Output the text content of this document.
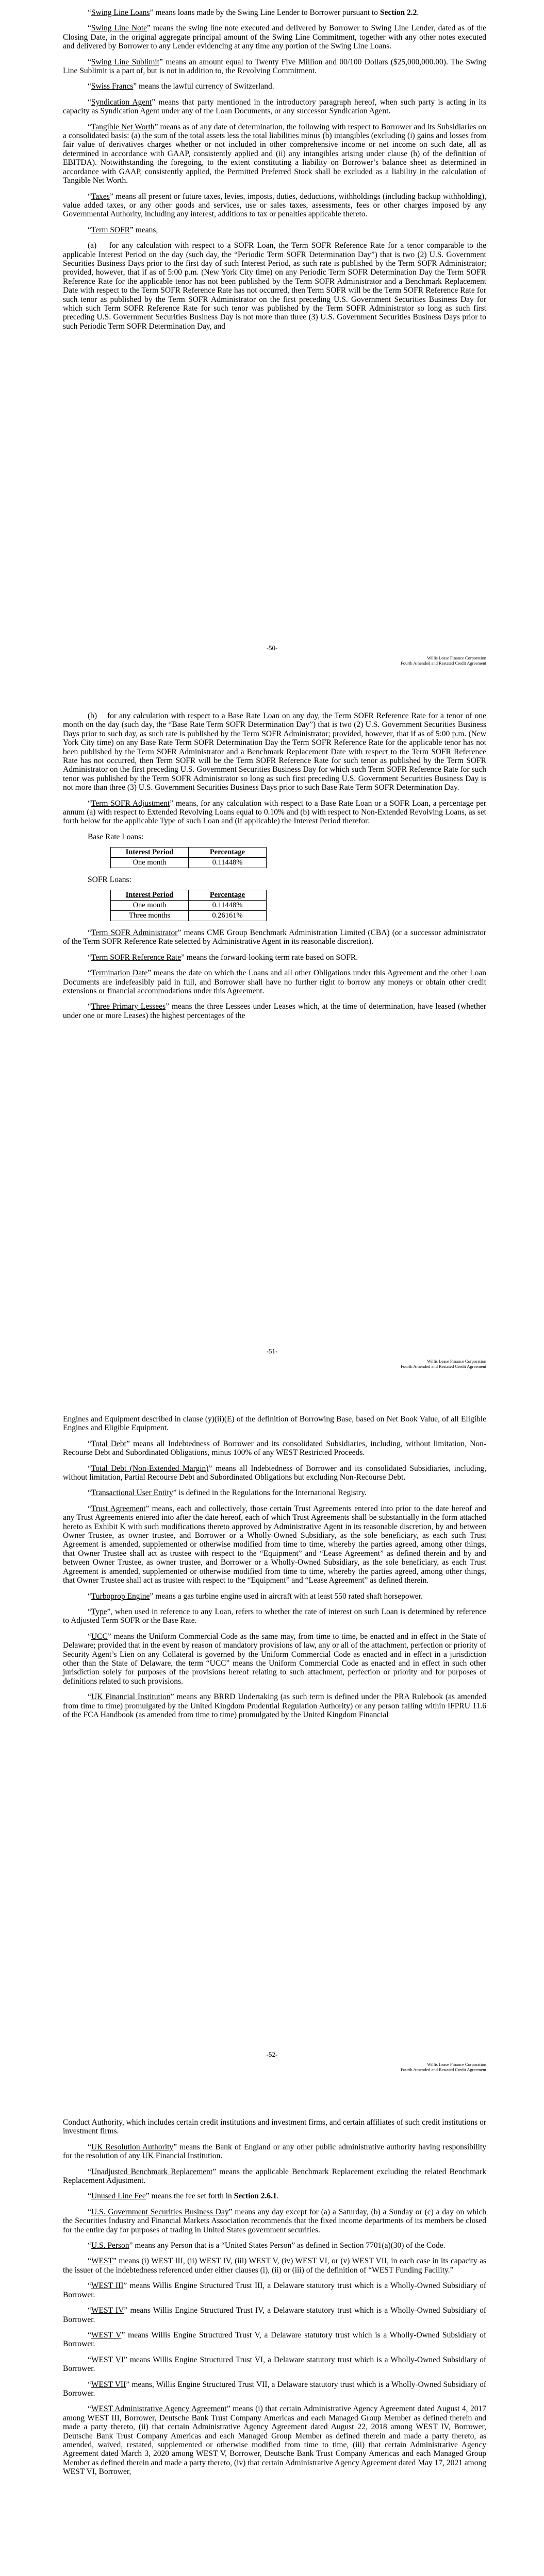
“Swing Line Loans” means loans made by the Swing Line Lender to Borrower pursuant to Section 2.2.

“Swing Line Note” means the swing line note executed and delivered by Borrower to Swing Line Lender, dated as of the Closing Date, in the original aggregate principal amount of the Swing Line Commitment, together with any other notes executed and delivered by Borrower to any Lender evidencing at any time any portion of the Swing Line Loans.

“Swing Line Sublimit” means an amount equal to Twenty Five Million and 00/100 Dollars ($25,000,000.00). The Swing Line Sublimit is a part of, but is not in addition to, the Revolving Commitment.

“Swiss Francs” means the lawful currency of Switzerland.

“Syndication Agent” means that party mentioned in the introductory paragraph hereof, when such party is acting in its capacity as Syndication Agent under any of the Loan Documents, or any successor Syndication Agent.

“Tangible Net Worth” means as of any date of determination, the following with respect to Borrower and its Subsidiaries on a consolidated basis: (a) the sum of the total assets less the total liabilities minus (b) intangibles (excluding (i) gains and losses from fair value of derivatives charges whether or not included in other comprehensive income or net income on such date, all as determined in accordance with GAAP, consistently applied and (ii) any intangibles arising under clause (h) of the definition of EBITDA). Notwithstanding the foregoing, to the extent constituting a liability on Borrower’s balance sheet as determined in accordance with GAAP, consistently applied, the Permitted Preferred Stock shall be excluded as a liability in the calculation of Tangible Net Worth.

“Taxes” means all present or future taxes, levies, imposts, duties, deductions, withholdings (including backup withholding), value added taxes, or any other goods and services, use or sales taxes, assessments, fees or other charges imposed by any Governmental Authority, including any interest, additions to tax or penalties applicable thereto.

“Term SOFR” means,

(a)    for any calculation with respect to a SOFR Loan, the Term SOFR Reference Rate for a tenor comparable to the applicable Interest Period on the day (such day, the “Periodic Term SOFR Determination Day”) that is two (2) U.S. Government Securities Business Days prior to the first day of such Interest Period, as such rate is published by the Term SOFR Administrator; provided, however, that if as of 5:00 p.m. (New York City time) on any Periodic Term SOFR Determination Day the Term SOFR Reference Rate for the applicable tenor has not been published by the Term SOFR Administrator and a Benchmark Replacement Date with respect to the Term SOFR Reference Rate has not occurred, then Term SOFR will be the Term SOFR Reference Rate for such tenor as published by the Term SOFR Administrator on the first preceding U.S. Government Securities Business Day for which such Term SOFR Reference Rate for such tenor was published by the Term SOFR Administrator so long as such first preceding U.S. Government Securities Business Day is not more than three (3) U.S. Government Securities Business Days prior to such Periodic Term SOFR Determination Day, and

-50-
Willis Lease Finance Corporation
Fourth Amended and Restated Credit Agreement

(b)    for any calculation with respect to a Base Rate Loan on any day, the Term SOFR Reference Rate for a tenor of one month on the day (such day, the “Base Rate Term SOFR Determination Day”) that is two (2) U.S. Government Securities Business Days prior to such day, as such rate is published by the Term SOFR Administrator; provided, however, that if as of 5:00 p.m. (New York City time) on any Base Rate Term SOFR Determination Day the Term SOFR Reference Rate for the applicable tenor has not been published by the Term SOFR Administrator and a Benchmark Replacement Date with respect to the Term SOFR Reference Rate has not occurred, then Term SOFR will be the Term SOFR Reference Rate for such tenor as published by the Term SOFR Administrator on the first preceding U.S. Government Securities Business Day for which such Term SOFR Reference Rate for such tenor was published by the Term SOFR Administrator so long as such first preceding U.S. Government Securities Business Day is not more than three (3) U.S. Government Securities Business Days prior to such Base Rate Term SOFR Determination Day.

“Term SOFR Adjustment” means, for any calculation with respect to a Base Rate Loan or a SOFR Loan, a percentage per annum (a) with respect to Extended Revolving Loans equal to 0.10% and (b) with respect to Non-Extended Revolving Loans, as set forth below for the applicable Type of such Loan and (if applicable) the Interest Period therefor:

Base Rate Loans:
Interest Period	Percentage
One month	0.11448%
SOFR Loans:
Interest Period	Percentage
One month	0.11448%
Three months	0.26161%

“Term SOFR Administrator” means CME Group Benchmark Administration Limited (CBA) (or a successor administrator of the Term SOFR Reference Rate selected by Administrative Agent in its reasonable discretion).

“Term SOFR Reference Rate” means the forward-looking term rate based on SOFR.

“Termination Date” means the date on which the Loans and all other Obligations under this Agreement and the other Loan Documents are indefeasibly paid in full, and Borrower shall have no further right to borrow any moneys or obtain other credit extensions or financial accommodations under this Agreement.

“Three Primary Lessees” means the three Lessees under Leases which, at the time of determination, have leased (whether under one or more Leases) the highest percentages of the

-51-
Willis Lease Finance Corporation
Fourth Amended and Restated Credit Agreement

Engines and Equipment described in clause (y)(ii)(E) of the definition of Borrowing Base, based on Net Book Value, of all Eligible Engines and Eligible Equipment.

“Total Debt” means all Indebtedness of Borrower and its consolidated Subsidiaries, including, without limitation, Non-Recourse Debt and Subordinated Obligations, minus 100% of any WEST Restricted Proceeds.

“Total Debt (Non-Extended Margin)” means all Indebtedness of Borrower and its consolidated Subsidiaries, including, without limitation, Partial Recourse Debt and Subordinated Obligations but excluding Non-Recourse Debt.

“Transactional User Entity” is defined in the Regulations for the International Registry.

“Trust Agreement” means, each and collectively, those certain Trust Agreements entered into prior to the date hereof and any Trust Agreements entered into after the date hereof, each of which Trust Agreements shall be substantially in the form attached hereto as Exhibit K with such modifications thereto approved by Administrative Agent in its reasonable discretion, by and between Owner Trustee, as owner trustee, and Borrower or a Wholly-Owned Subsidiary, as the sole beneficiary, as each such Trust Agreement is amended, supplemented or otherwise modified from time to time, whereby the parties agreed, among other things, that Owner Trustee shall act as trustee with respect to the “Equipment” and “Lease Agreement” as defined therein and by and between Owner Trustee, as owner trustee, and Borrower or a Wholly-Owned Subsidiary, as the sole beneficiary, as each Trust Agreement is amended, supplemented or otherwise modified from time to time, whereby the parties agreed, among other things, that Owner Trustee shall act as trustee with respect to the “Equipment” and “Lease Agreement” as defined therein.

“Turboprop Engine” means a gas turbine engine used in aircraft with at least 550 rated shaft horsepower.

“Type”, when used in reference to any Loan, refers to whether the rate of interest on such Loan is determined by reference to Adjusted Term SOFR or the Base Rate.

“UCC” means the Uniform Commercial Code as the same may, from time to time, be enacted and in effect in the State of Delaware; provided that in the event by reason of mandatory provisions of law, any or all of the attachment, perfection or priority of Security Agent’s Lien on any Collateral is governed by the Uniform Commercial Code as enacted and in effect in a jurisdiction other than the State of Delaware, the term “UCC” means the Uniform Commercial Code as enacted and in effect in such other jurisdiction solely for purposes of the provisions hereof relating to such attachment, perfection or priority and for purposes of definitions related to such provisions.

“UK Financial Institution” means any BRRD Undertaking (as such term is defined under the PRA Rulebook (as amended from time to time) promulgated by the United Kingdom Prudential Regulation Authority) or any person falling within IFPRU 11.6 of the FCA Handbook (as amended from time to time) promulgated by the United Kingdom Financial

-52-
Willis Lease Finance Corporation
Fourth Amended and Restated Credit Agreement

Conduct Authority, which includes certain credit institutions and investment firms, and certain affiliates of such credit institutions or investment firms.

“UK Resolution Authority” means the Bank of England or any other public administrative authority having responsibility for the resolution of any UK Financial Institution.

“Unadjusted Benchmark Replacement” means the applicable Benchmark Replacement excluding the related Benchmark Replacement Adjustment.

“Unused Line Fee” means the fee set forth in Section 2.6.1.

“U.S. Government Securities Business Day” means any day except for (a) a Saturday, (b) a Sunday or (c) a day on which the Securities Industry and Financial Markets Association recommends that the fixed income departments of its members be closed for the entire day for purposes of trading in United States government securities.

“U.S. Person” means any Person that is a “United States Person” as defined in Section 7701(a)(30) of the Code.

“WEST” means (i) WEST III, (ii) WEST IV, (iii) WEST V, (iv) WEST VI, or (v) WEST VII, in each case in its capacity as the issuer of the indebtedness referenced under either clauses (i), (ii) or (iii) of the definition of “WEST Funding Facility.”

“WEST III” means Willis Engine Structured Trust III, a Delaware statutory trust which is a Wholly-Owned Subsidiary of Borrower.

“WEST IV” means Willis Engine Structured Trust IV, a Delaware statutory trust which is a Wholly-Owned Subsidiary of Borrower.

“WEST V” means Willis Engine Structured Trust V, a Delaware statutory trust which is a Wholly-Owned Subsidiary of Borrower.

“WEST VI” means Willis Engine Structured Trust VI, a Delaware statutory trust which is a Wholly-Owned Subsidiary of Borrower.

“WEST VII” means, Willis Engine Structured Trust VII, a Delaware statutory trust which is a Wholly-Owned Subsidiary of Borrower.

“WEST Administrative Agency Agreement” means (i) that certain Administrative Agency Agreement dated August 4, 2017 among WEST III, Borrower, Deutsche Bank Trust Company Americas and each Managed Group Member as defined therein and made a party thereto, (ii) that certain Administrative Agency Agreement dated August 22, 2018 among WEST IV, Borrower, Deutsche Bank Trust Company Americas and each Managed Group Member as defined therein and made a party thereto, as amended, waived, restated, supplemented or otherwise modified from time to time, (iii) that certain Administrative Agency Agreement dated March 3, 2020 among WEST V, Borrower, Deutsche Bank Trust Company Americas and each Managed Group Member as defined therein and made a party thereto, (iv) that certain Administrative Agency Agreement dated May 17, 2021 among WEST VI, Borrower,
